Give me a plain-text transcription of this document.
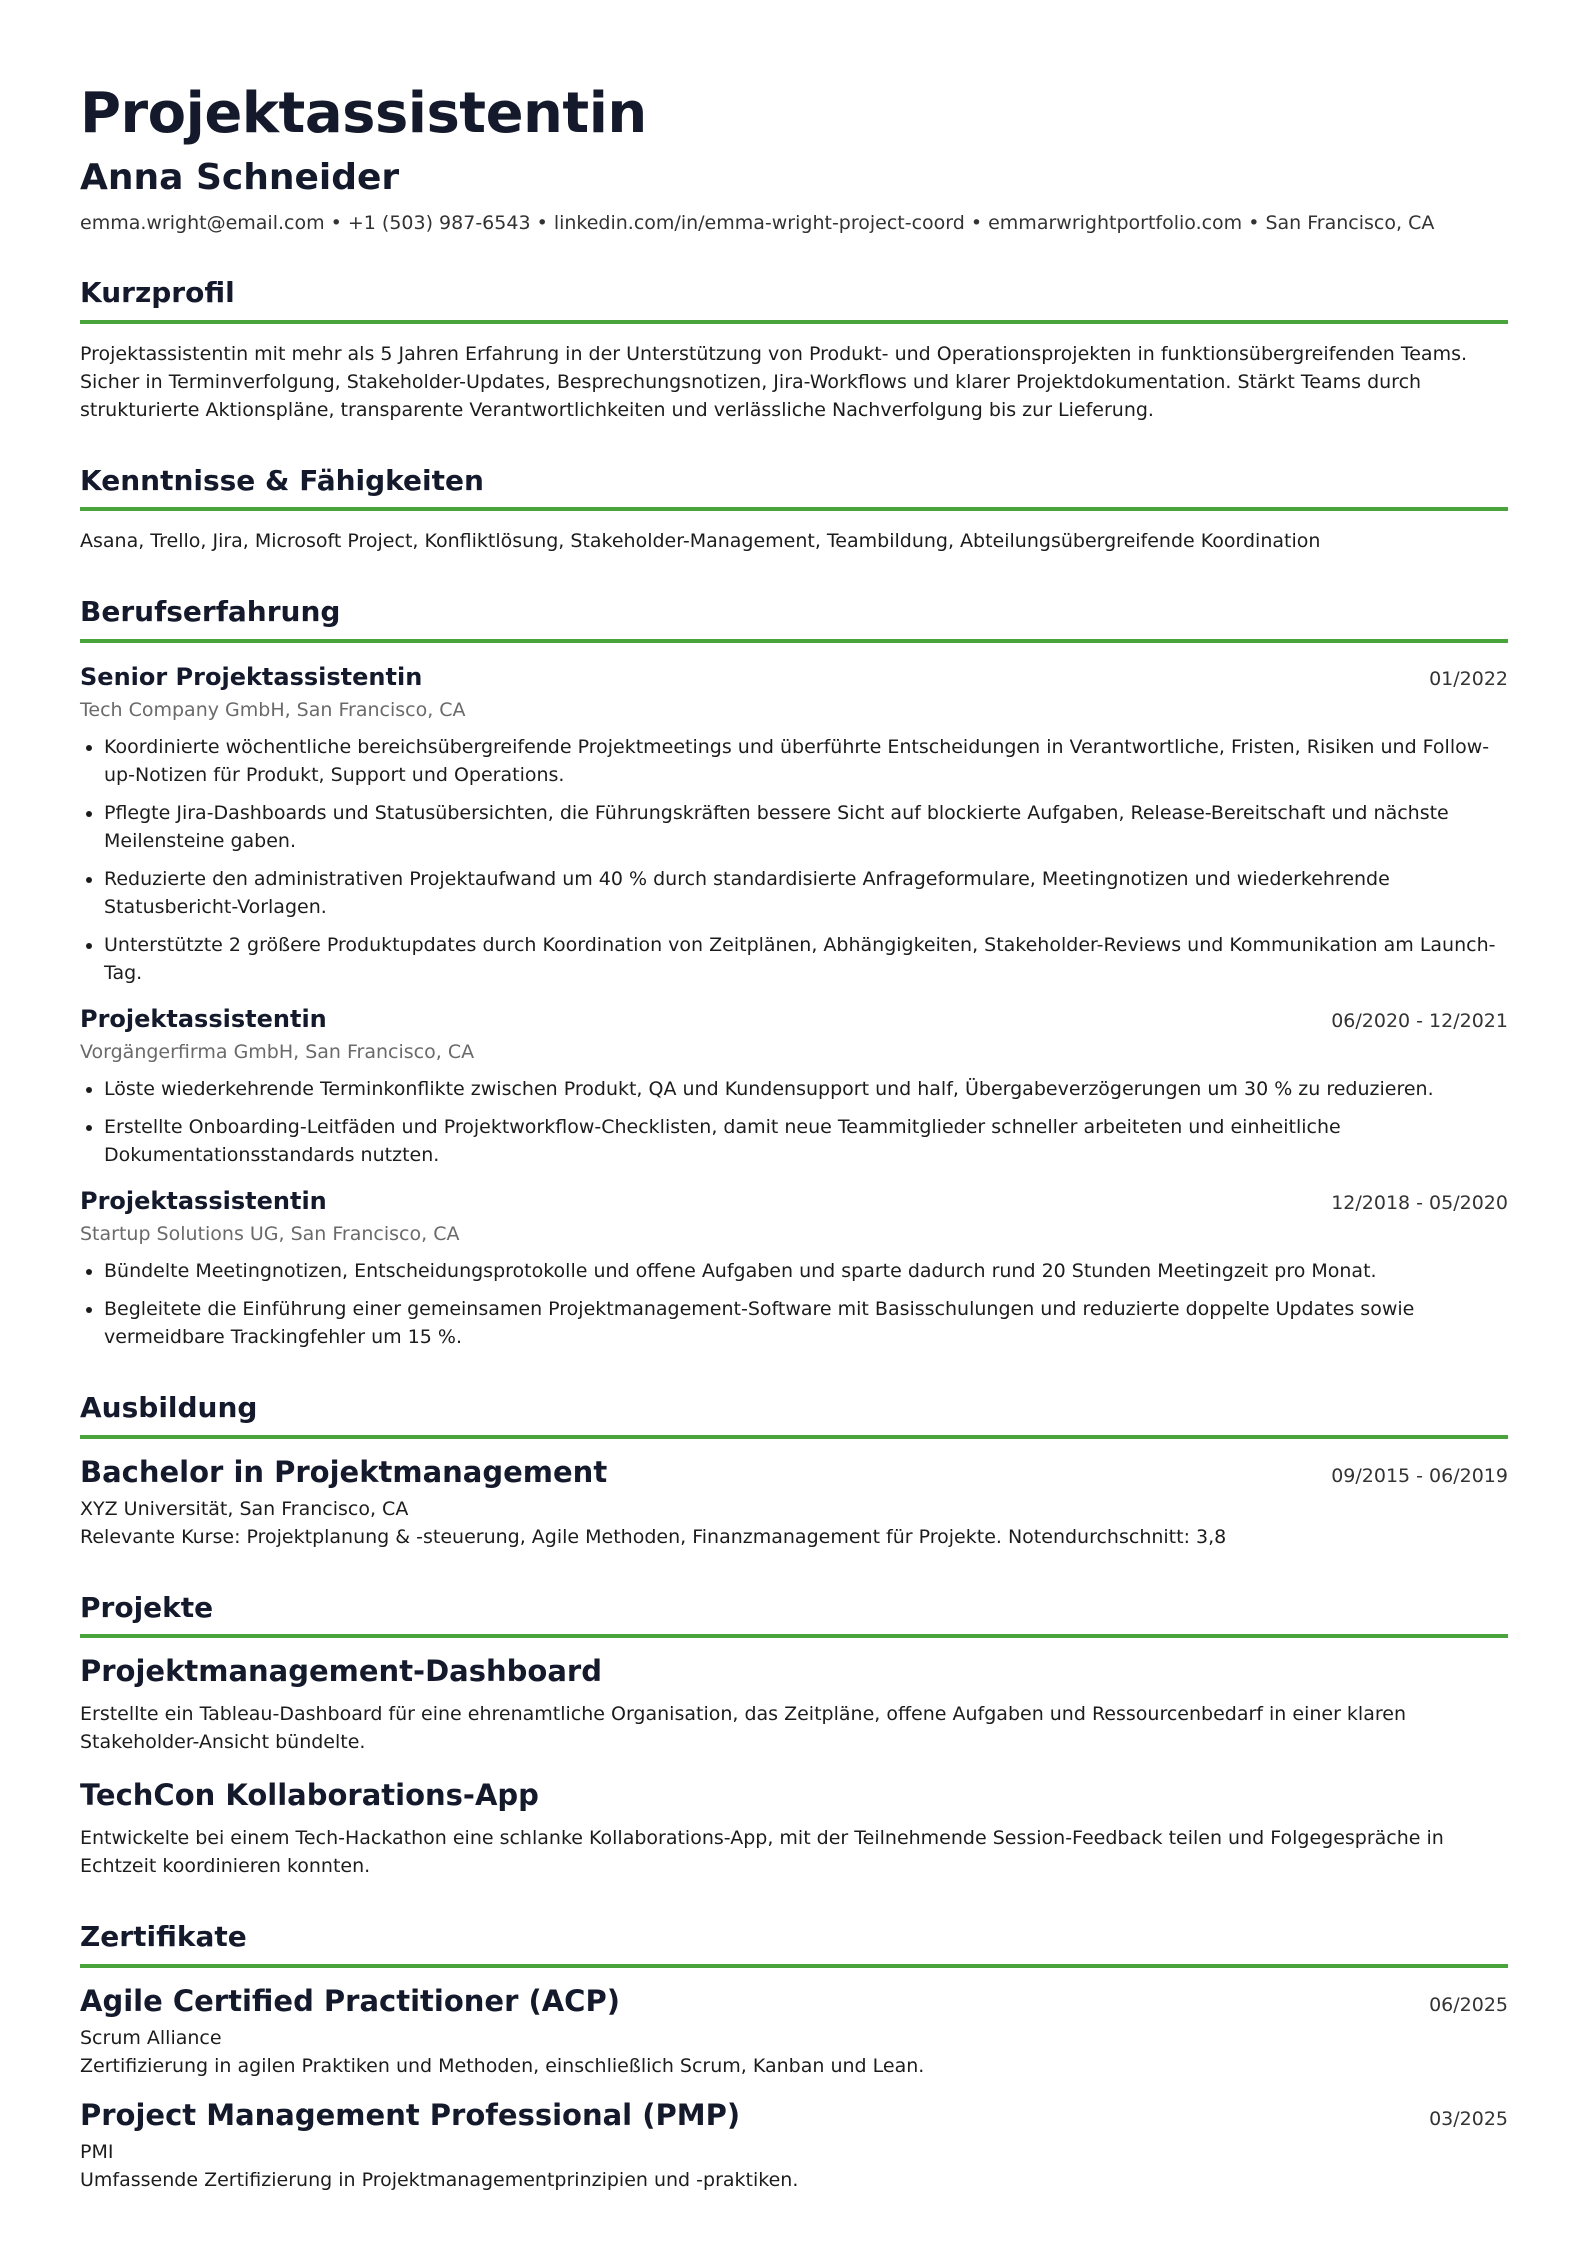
Projektassistentin
Anna Schneider
emma.wright@email.com • +1 (503) 987-6543 • linkedin.com/in/emma-wright-project-coord • emmarwrightportfolio.com • San Francisco, CA
Kurzprofil
Projektassistentin mit mehr als 5 Jahren Erfahrung in der Unterstützung von Produkt- und Operationsprojekten in funktionsübergreifenden Teams. Sicher in Terminverfolgung, Stakeholder-Updates, Besprechungsnotizen, Jira-Workflows und klarer Projektdokumentation. Stärkt Teams durch strukturierte Aktionspläne, transparente Verantwortlichkeiten und verlässliche Nachverfolgung bis zur Lieferung.
Kenntnisse & Fähigkeiten
Asana, Trello, Jira, Microsoft Project, Konfliktlösung, Stakeholder-Management, Teambildung, Abteilungsübergreifende Koordination
Berufserfahrung
Senior Projektassistentin	01/2022
Tech Company GmbH, San Francisco, CA
• Koordinierte wöchentliche bereichsübergreifende Projektmeetings und überführte Entscheidungen in Verantwortliche, Fristen, Risiken und Follow-up-Notizen für Produkt, Support und Operations.
• Pflegte Jira-Dashboards und Statusübersichten, die Führungskräften bessere Sicht auf blockierte Aufgaben, Release-Bereitschaft und nächste Meilensteine gaben.
• Reduzierte den administrativen Projektaufwand um 40 % durch standardisierte Anfrageformulare, Meetingnotizen und wiederkehrende Statusbericht-Vorlagen.
• Unterstützte 2 größere Produktupdates durch Koordination von Zeitplänen, Abhängigkeiten, Stakeholder-Reviews und Kommunikation am Launch-Tag.
Projektassistentin	06/2020 - 12/2021
Vorgängerfirma GmbH, San Francisco, CA
• Löste wiederkehrende Terminkonflikte zwischen Produkt, QA und Kundensupport und half, Übergabeverzögerungen um 30 % zu reduzieren.
• Erstellte Onboarding-Leitfäden und Projektworkflow-Checklisten, damit neue Teammitglieder schneller arbeiteten und einheitliche Dokumentationsstandards nutzten.
Projektassistentin	12/2018 - 05/2020
Startup Solutions UG, San Francisco, CA
• Bündelte Meetingnotizen, Entscheidungsprotokolle und offene Aufgaben und sparte dadurch rund 20 Stunden Meetingzeit pro Monat.
• Begleitete die Einführung einer gemeinsamen Projektmanagement-Software mit Basisschulungen und reduzierte doppelte Updates sowie vermeidbare Trackingfehler um 15 %.
Ausbildung
Bachelor in Projektmanagement	09/2015 - 06/2019
XYZ Universität, San Francisco, CA
Relevante Kurse: Projektplanung & -steuerung, Agile Methoden, Finanzmanagement für Projekte. Notendurchschnitt: 3,8
Projekte
Projektmanagement-Dashboard
Erstellte ein Tableau-Dashboard für eine ehrenamtliche Organisation, das Zeitpläne, offene Aufgaben und Ressourcenbedarf in einer klaren Stakeholder-Ansicht bündelte.
TechCon Kollaborations-App
Entwickelte bei einem Tech-Hackathon eine schlanke Kollaborations-App, mit der Teilnehmende Session-Feedback teilen und Folgegespräche in Echtzeit koordinieren konnten.
Zertifikate
Agile Certified Practitioner (ACP)	06/2025
Scrum Alliance
Zertifizierung in agilen Praktiken und Methoden, einschließlich Scrum, Kanban und Lean.
Project Management Professional (PMP)	03/2025
PMI
Umfassende Zertifizierung in Projektmanagementprinzipien und -praktiken.
